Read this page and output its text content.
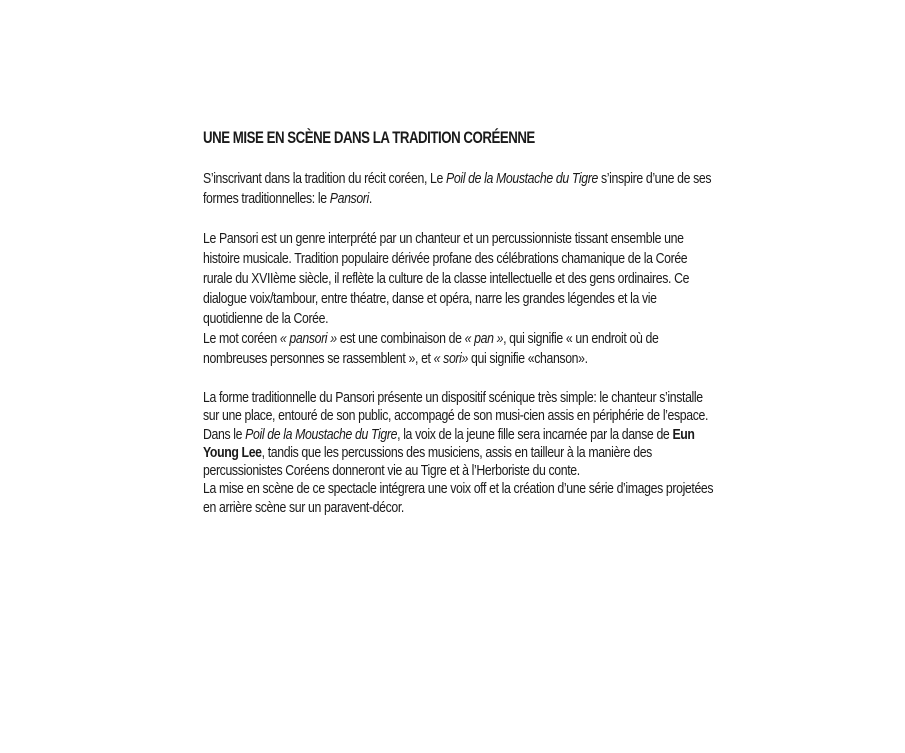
UNE MISE EN SCÈNE DANS LA TRADITION CORÉENNE

S’inscrivant dans la tradition du récit coréen, Le Poil de la Moustache du Tigre s’inspire d’une de ses formes traditionnelles: le Pansori.

Le Pansori est un genre interprété par un chanteur et un percussionniste tissant ensemble une histoire musicale. Tradition populaire dérivée profane des célébrations chamanique de la Corée rurale du XVIIème siècle, il reflète la culture de la classe intellectuelle et des gens ordinaires. Ce dialogue voix/tambour, entre théatre, danse et opéra, narre les grandes légendes et la vie quotidienne de la Corée.
Le mot coréen « pansori » est une combinaison de « pan », qui signifie « un endroit où de nombreuses personnes se rassemblent », et « sori» qui signifie «chanson».

La forme traditionnelle du Pansori présente un dispositif scénique très simple: le chanteur s’installe sur une place, entouré de son public, accompagé de son musi-cien assis en périphérie de l’espace.
Dans le Poil de la Moustache du Tigre, la voix de la jeune fille sera incarnée par la danse de Eun Young Lee, tandis que les percussions des musiciens, assis en tailleur à la manière des percussionistes Coréens donneront vie au Tigre et à l’Herboriste du conte.
La mise en scène de ce spectacle intégrera une voix off et la création d’une série d’images projetées en arrière scène sur un paravent-décor.
